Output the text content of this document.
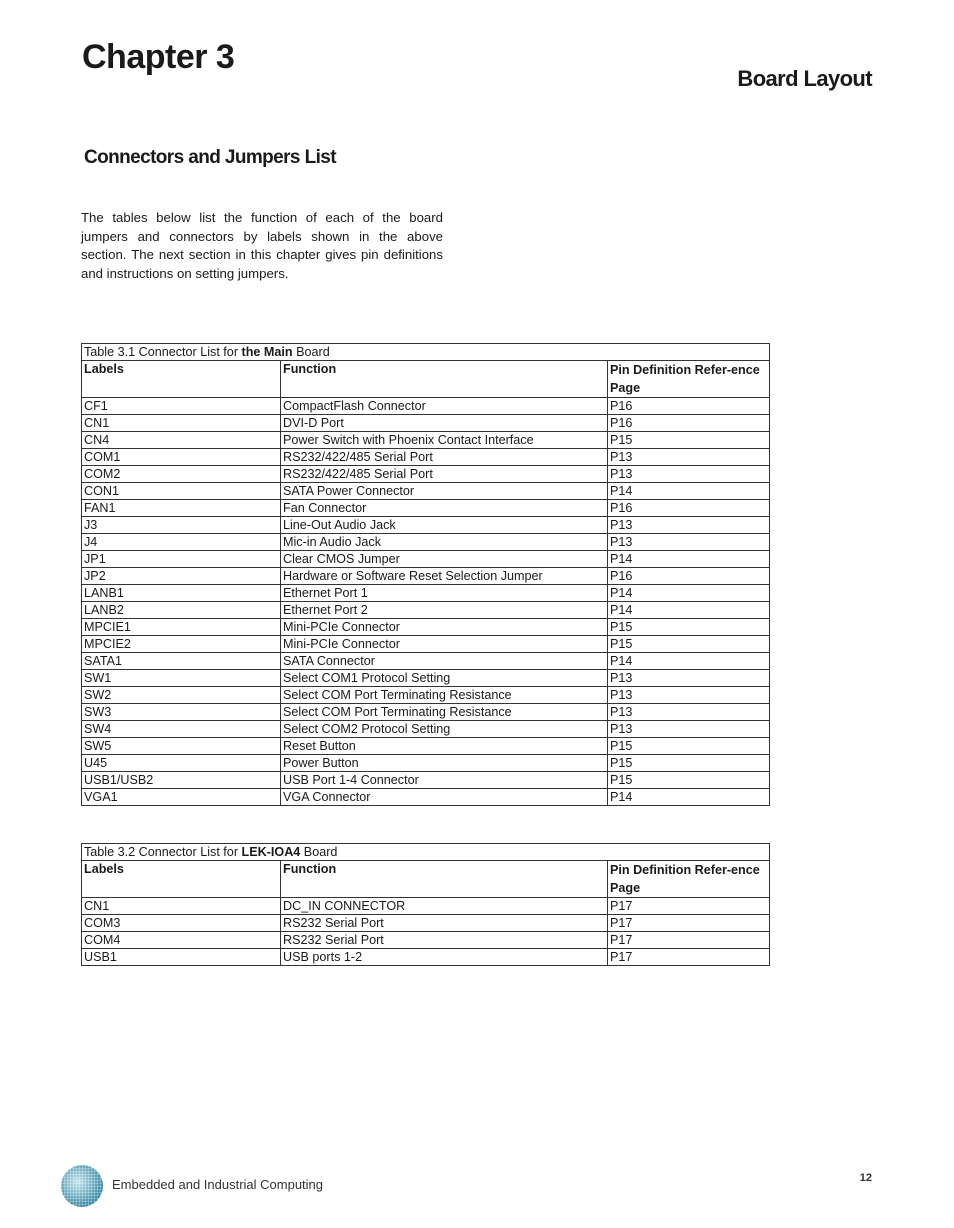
Chapter 3
Board Layout
Connectors and Jumpers List

The tables below list the function of each of the board jumpers and connectors by labels shown in the above section. The next section in this chapter gives pin definitions and instructions on setting jumpers.

Table 3.1 Connector List for the Main Board		
Labels	Function	Pin Definition Refer-ence Page
CF1	CompactFlash Connector	P16
CN1	DVI-D Port	P16
CN4	Power Switch with Phoenix Contact Interface	P15
COM1	RS232/422/485 Serial Port	P13
COM2	RS232/422/485 Serial Port	P13
CON1	SATA Power Connector	P14
FAN1	Fan Connector	P16
J3	Line-Out Audio Jack	P13
J4	Mic-in Audio Jack	P13
JP1	Clear CMOS Jumper	P14
JP2	Hardware or Software Reset Selection Jumper	P16
LANB1	Ethernet Port 1	P14
LANB2	Ethernet Port 2	P14
MPCIE1	Mini-PCIe Connector	P15
MPCIE2	Mini-PCIe Connector	P15
SATA1	SATA Connector	P14
SW1	Select COM1 Protocol Setting	P13
SW2	Select COM Port Terminating Resistance	P13
SW3	Select COM Port Terminating Resistance	P13
SW4	Select COM2 Protocol Setting	P13
SW5	Reset Button	P15
U45	Power Button	P15
USB1/USB2	USB Port 1-4 Connector	P15
VGA1	VGA Connector	P14
Table 3.2 Connector List for LEK-IOA4 Board		
Labels	Function	Pin Definition Refer-ence Page
CN1	DC_IN CONNECTOR	P17
COM3	RS232 Serial Port	P17
COM4	RS232 Serial Port	P17
USB1	USB ports 1-2	P17
Embedded and Industrial Computing	12
